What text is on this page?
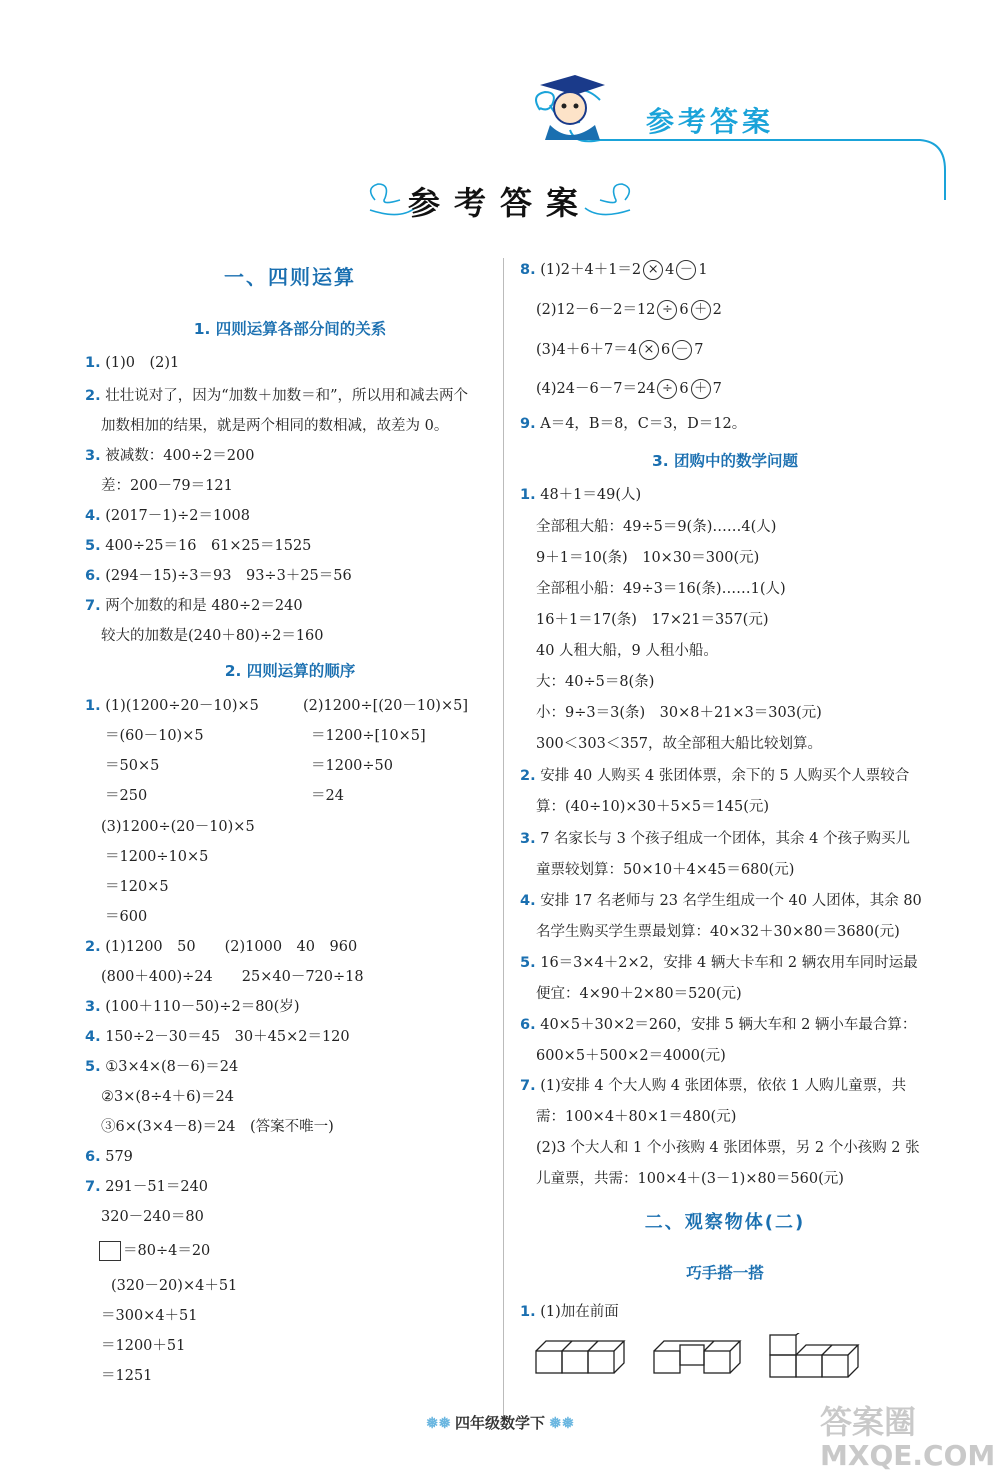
参考答案
参考答案
一、四则运算
1. 四则运算各部分间的关系
1. (1)0　(2)1
2. 壮壮说对了，因为“加数＋加数＝和”，所以用和减去两个
加数相加的结果，就是两个相同的数相减，故差为 0。
3. 被减数：400÷2＝200
差：200－79＝121
4. (2017－1)÷2＝1008
5. 400÷25＝16　61×25＝1525
6. (294－15)÷3＝93　93÷3＋25＝56
7. 两个加数的和是 480÷2＝240
较大的加数是(240＋80)÷2＝160
2. 四则运算的顺序
1. (1)(1200÷20－10)×5
＝(60－10)×5
＝50×5
＝250
(2)1200÷[(20－10)×5]
＝1200÷[10×5]
＝1200÷50
＝24
(3)1200÷(20－10)×5
＝1200÷10×5
＝120×5
＝600
2. (1)1200　50　　(2)1000　40　960
(800＋400)÷24　　25×40－720÷18
3. (100＋110－50)÷2＝80(岁)
4. 150÷2－30＝45　30＋45×2＝120
5. ①3×4×(8－6)＝24
②3×(8÷4＋6)＝24
③6×(3×4－8)＝24　(答案不唯一)
6. 579
7. 291－51＝240
320－240＝80
＝80÷4＝20
(320－20)×4＋51
＝300×4＋51
＝1200＋51
＝1251
8. (1)2＋4＋1＝2 × 4 － 1
(2)12－6－2＝12 ÷ 6 ＋ 2
(3)4＋6＋7＝4 × 6 － 7
(4)24－6－7＝24 ÷ 6 ＋ 7
9. A＝4，B＝8，C＝3，D＝12。
3. 团购中的数学问题
1. 48＋1＝49(人)
全部租大船：49÷5＝9(条)……4(人)
9＋1＝10(条)　10×30＝300(元)
全部租小船：49÷3＝16(条)……1(人)
16＋1＝17(条)　17×21＝357(元)
40 人租大船，9 人租小船。
大：40÷5＝8(条)
小：9÷3＝3(条)　30×8＋21×3＝303(元)
300＜303＜357，故全部租大船比较划算。
2. 安排 40 人购买 4 张团体票，余下的 5 人购买个人票较合
算：(40÷10)×30＋5×5＝145(元)
3. 7 名家长与 3 个孩子组成一个团体，其余 4 个孩子购买儿
童票较划算：50×10＋4×45＝680(元)
4. 安排 17 名老师与 23 名学生组成一个 40 人团体，其余 80
名学生购买学生票最划算：40×32＋30×80＝3680(元)
5. 16＝3×4＋2×2，安排 4 辆大卡车和 2 辆农用车同时运最
便宜：4×90＋2×80＝520(元)
6. 40×5＋30×2＝260，安排 5 辆大车和 2 辆小车最合算：
600×5＋500×2＝4000(元)
7. (1)安排 4 个大人购 4 张团体票，依依 1 人购儿童票，共
需：100×4＋80×1＝480(元)
(2)3 个大人和 1 个小孩购 4 张团体票，另 2 个小孩购 2 张
儿童票，共需：100×4＋(3－1)×80＝560(元)
二、观察物体(二)
巧手搭一搭
1. (1)加在前面
❅❅ 四年级数学下 ❅❅	答案圈
MXQE.COM
